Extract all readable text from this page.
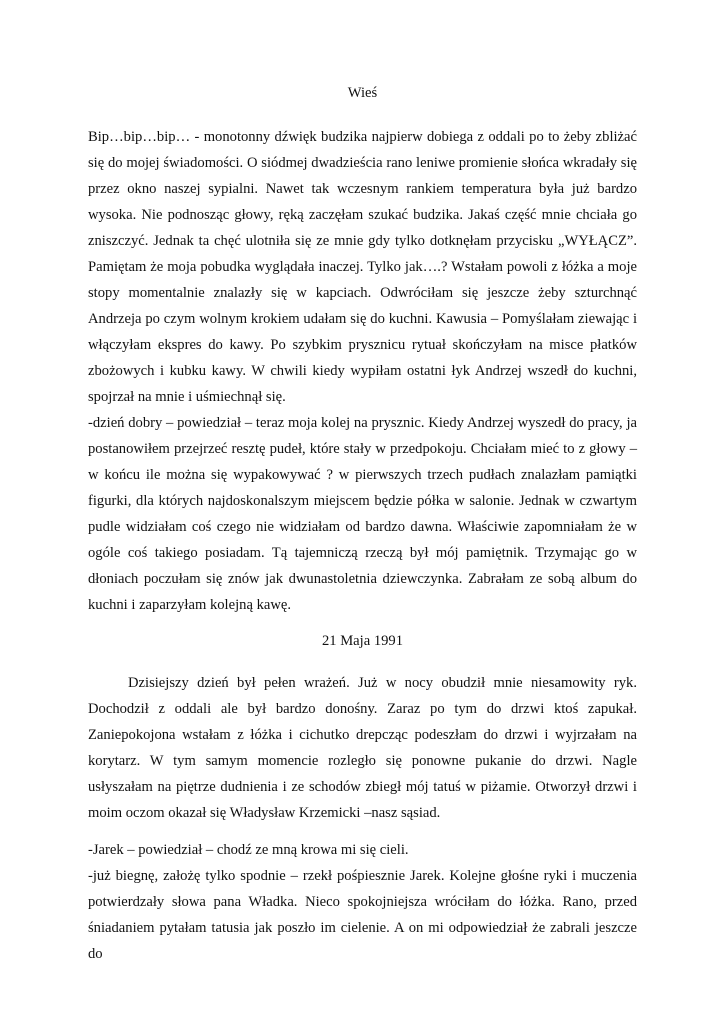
Wieś

Bip…bip…bip… - monotonny dźwięk budzika najpierw dobiega z oddali po to żeby zbliżać się do mojej świadomości. O siódmej dwadzieścia rano leniwe promienie słońca wkradały się przez okno naszej sypialni. Nawet tak wczesnym rankiem temperatura była już bardzo wysoka. Nie podnosząc głowy, ręką zaczęłam szukać budzika. Jakaś część mnie chciała go zniszczyć. Jednak ta chęć ulotniła się ze mnie gdy tylko dotknęłam przycisku „WYŁĄCZ”. Pamiętam że moja pobudka wyglądała inaczej. Tylko jak….? Wstałam powoli z łóżka a moje stopy momentalnie znalazły się w kapciach. Odwróciłam się jeszcze żeby szturchnąć Andrzeja po czym wolnym krokiem udałam się do kuchni. Kawusia – Pomyślałam ziewając i włączyłam ekspres do kawy. Po szybkim prysznicu rytuał skończyłam na misce płatków zbożowych i kubku kawy. W chwili kiedy wypiłam ostatni łyk Andrzej wszedł do kuchni, spojrzał na mnie i uśmiechnął się.

-dzień dobry – powiedział – teraz moja kolej na prysznic. Kiedy Andrzej wyszedł do pracy, ja postanowiłem przejrzeć resztę pudeł, które stały w przedpokoju. Chciałam mieć to z głowy – w końcu ile można się wypakowywać ? w pierwszych trzech pudłach znalazłam pamiątki figurki, dla których najdoskonalszym miejscem będzie półka w salonie. Jednak w czwartym pudle widziałam coś czego nie widziałam od bardzo dawna. Właściwie zapomniałam że w ogóle coś takiego posiadam. Tą tajemniczą rzeczą był mój pamiętnik. Trzymając go w dłoniach poczułam się znów jak dwunastoletnia dziewczynka. Zabrałam ze sobą album do kuchni i zaparzyłam kolejną kawę.

21 Maja 1991

Dzisiejszy dzień był pełen wrażeń. Już w nocy obudził mnie niesamowity ryk. Dochodził z oddali ale był bardzo donośny. Zaraz po tym do drzwi ktoś zapukał. Zaniepokojona wstałam z łóżka i cichutko drepcząc podeszłam do drzwi i wyjrzałam na korytarz. W tym samym momencie rozległo się ponowne pukanie do drzwi. Nagle usłyszałam na piętrze dudnienia i ze schodów zbiegł mój tatuś w piżamie. Otworzył drzwi i moim oczom okazał się Władysław Krzemicki –nasz sąsiad.

-Jarek – powiedział – chodź ze mną krowa mi się cieli.

-już biegnę, założę tylko spodnie – rzekł pośpiesznie Jarek. Kolejne głośne ryki i muczenia potwierdzały słowa pana Władka. Nieco spokojniejsza wróciłam do łóżka. Rano, przed śniadaniem pytałam tatusia jak poszło im cielenie. A on mi odpowiedział że zabrali jeszcze do
